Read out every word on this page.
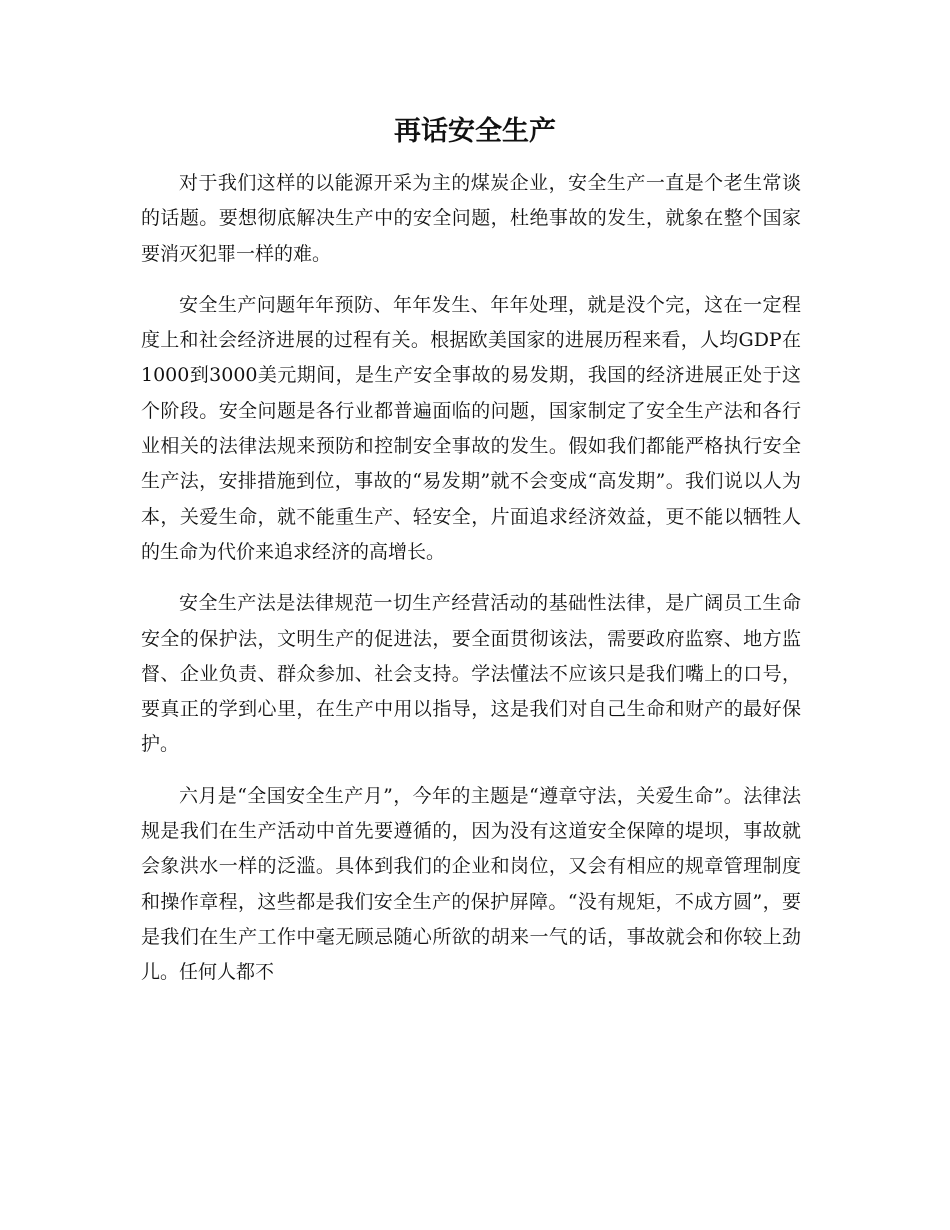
再话安全生产

对于我们这样的以能源开采为主的煤炭企业，安全生产一直是个老生常谈的话题。要想彻底解决生产中的安全问题，杜绝事故的发生，就象在整个国家要消灭犯罪一样的难。

安全生产问题年年预防、年年发生、年年处理，就是没个完，这在一定程度上和社会经济进展的过程有关。根据欧美国家的进展历程来看，人均GDP在1000到3000美元期间，是生产安全事故的易发期，我国的经济进展正处于这个阶段。安全问题是各行业都普遍面临的问题，国家制定了安全生产法和各行业相关的法律法规来预防和控制安全事故的发生。假如我们都能严格执行安全生产法，安排措施到位，事故的“易发期”就不会变成“高发期”。我们说以人为本，关爱生命，就不能重生产、轻安全，片面追求经济效益，更不能以牺牲人的生命为代价来追求经济的高增长。

安全生产法是法律规范一切生产经营活动的基础性法律，是广阔员工生命安全的保护法，文明生产的促进法，要全面贯彻该法，需要政府监察、地方监督、企业负责、群众参加、社会支持。学法懂法不应该只是我们嘴上的口号，要真正的学到心里，在生产中用以指导，这是我们对自己生命和财产的最好保护。

六月是“全国安全生产月”，今年的主题是“遵章守法，关爱生命”。法律法规是我们在生产活动中首先要遵循的，因为没有这道安全保障的堤坝，事故就会象洪水一样的泛滥。具体到我们的企业和岗位，又会有相应的规章管理制度和操作章程，这些都是我们安全生产的保护屏障。“没有规矩，不成方圆”，要是我们在生产工作中毫无顾忌随心所欲的胡来一气的话，事故就会和你较上劲儿。任何人都不
